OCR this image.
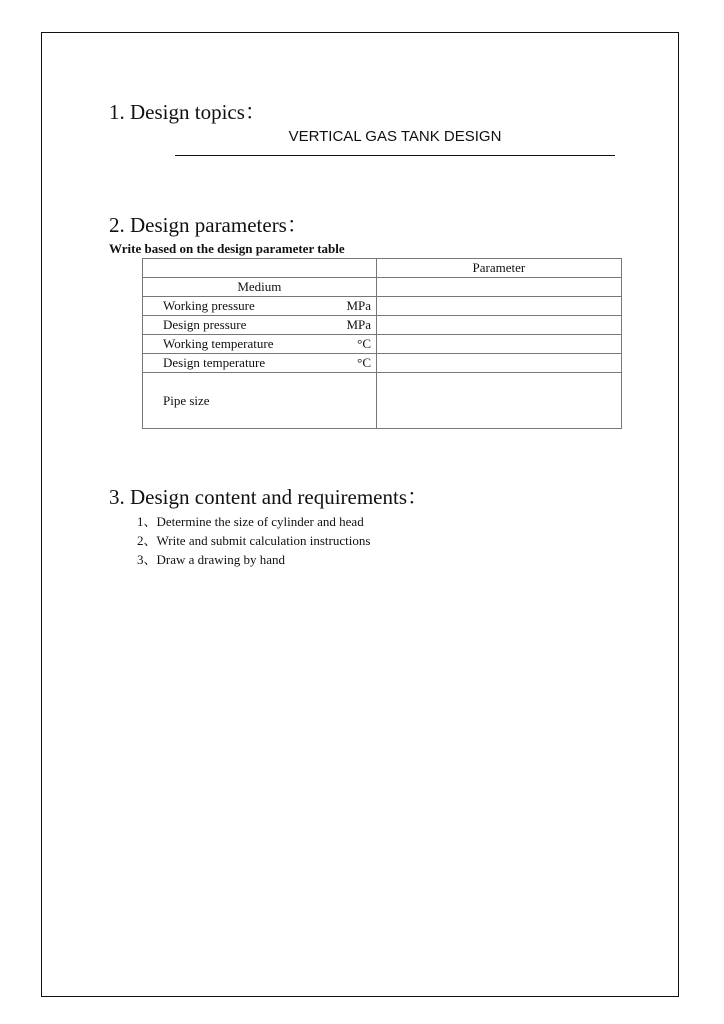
1. Design topics：
VERTICAL GAS TANK DESIGN
2. Design parameters：
Write based on the design parameter table
	Parameter
Medium	
Working pressure MPa	
Design pressure MPa	
Working temperature °C	
Design temperature °C	
Pipe size	
3. Design content and requirements：
1、Determine the size of cylinder and head
2、Write and submit calculation instructions
3、Draw a drawing by hand
